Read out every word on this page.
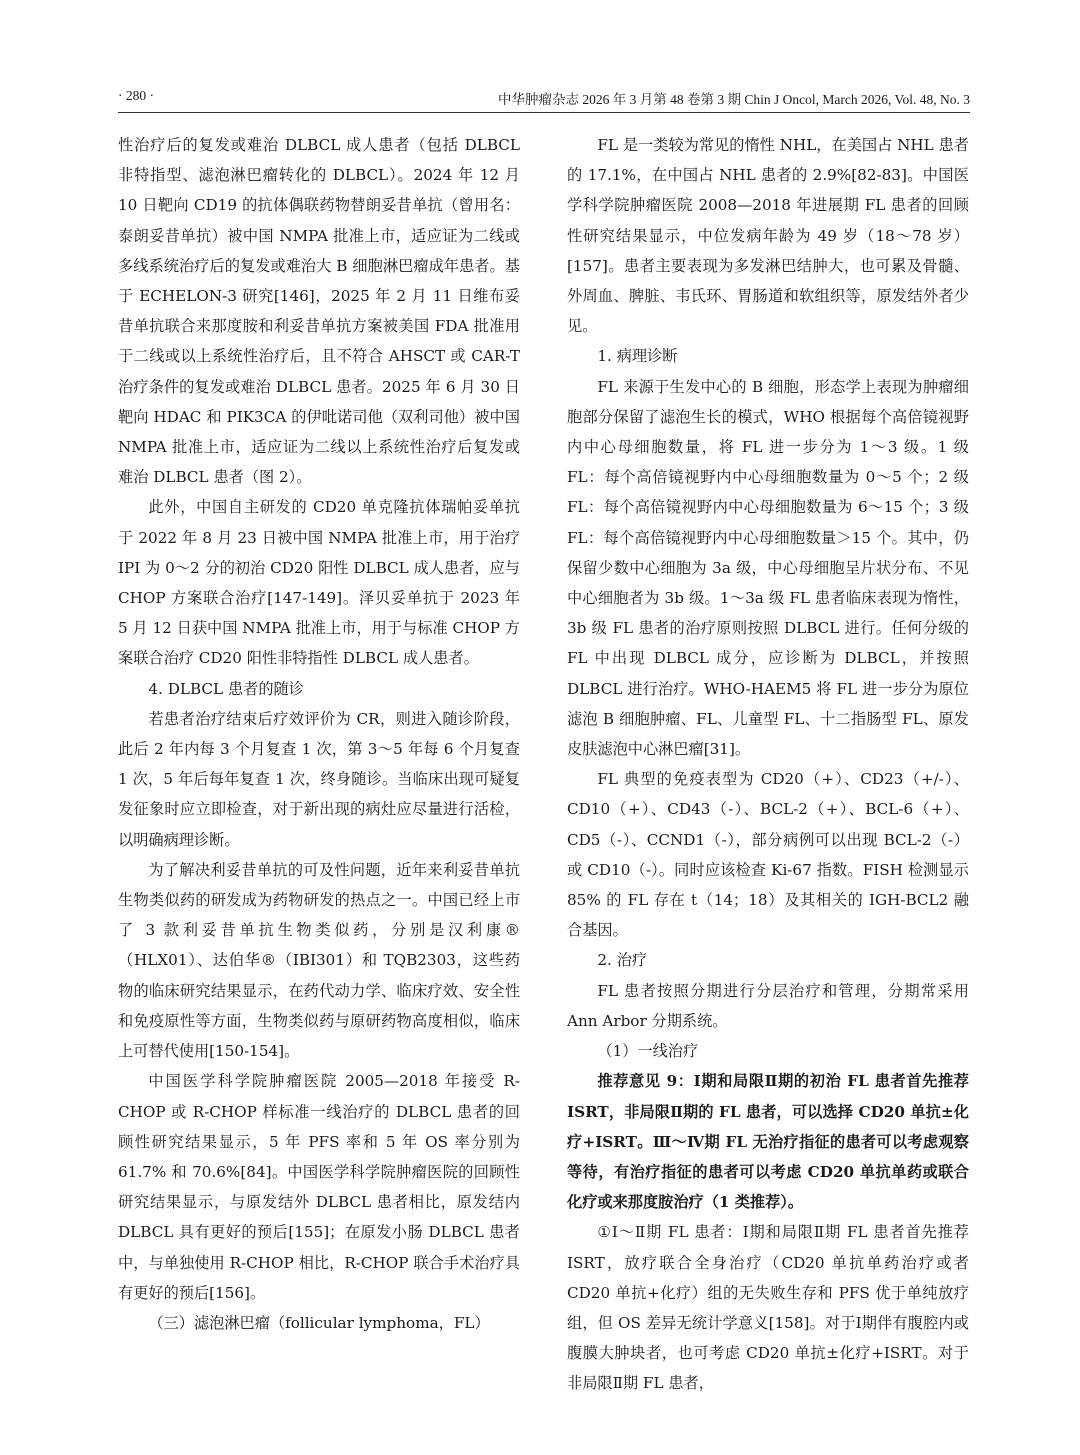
· 280 ·	中华肿瘤杂志 2026 年 3 月第 48 卷第 3 期 Chin J Oncol, March 2026, Vol. 48, No. 3

性治疗后的复发或难治 DLBCL 成人患者（包括 DLBCL 非特指型、滤泡淋巴瘤转化的 DLBCL）。2024 年 12 月 10 日靶向 CD19 的抗体偶联药物替朗妥昔单抗（曾用名：泰朗妥昔单抗）被中国 NMPA 批准上市，适应证为二线或多线系统治疗后的复发或难治大 B 细胞淋巴瘤成年患者。基于 ECHELON-3 研究[146]，2025 年 2 月 11 日维布妥昔单抗联合来那度胺和利妥昔单抗方案被美国 FDA 批准用于二线或以上系统性治疗后，且不符合 AHSCT 或 CAR-T 治疗条件的复发或难治 DLBCL 患者。2025 年 6 月 30 日靶向 HDAC 和 PIK3CA 的伊吡诺司他（双利司他）被中国 NMPA 批准上市，适应证为二线以上系统性治疗后复发或难治 DLBCL 患者（图 2）。

此外，中国自主研发的 CD20 单克隆抗体瑞帕妥单抗于 2022 年 8 月 23 日被中国 NMPA 批准上市，用于治疗 IPI 为 0～2 分的初治 CD20 阳性 DLBCL 成人患者，应与 CHOP 方案联合治疗[147-149]。泽贝妥单抗于 2023 年 5 月 12 日获中国 NMPA 批准上市，用于与标准 CHOP 方案联合治疗 CD20 阳性非特指性 DLBCL 成人患者。

4. DLBCL 患者的随诊

若患者治疗结束后疗效评价为 CR，则进入随诊阶段，此后 2 年内每 3 个月复查 1 次，第 3～5 年每 6 个月复查 1 次，5 年后每年复查 1 次，终身随诊。当临床出现可疑复发征象时应立即检查，对于新出现的病灶应尽量进行活检，以明确病理诊断。

为了解决利妥昔单抗的可及性问题，近年来利妥昔单抗生物类似药的研发成为药物研发的热点之一。中国已经上市了 3 款利妥昔单抗生物类似药，分别是汉利康®（HLX01）、达伯华®（IBI301）和 TQB2303，这些药物的临床研究结果显示，在药代动力学、临床疗效、安全性和免疫原性等方面，生物类似药与原研药物高度相似，临床上可替代使用[150-154]。

中国医学科学院肿瘤医院 2005—2018 年接受 R-CHOP 或 R-CHOP 样标准一线治疗的 DLBCL 患者的回顾性研究结果显示，5 年 PFS 率和 5 年 OS 率分别为 61.7% 和 70.6%[84]。中国医学科学院肿瘤医院的回顾性研究结果显示，与原发结外 DLBCL 患者相比，原发结内 DLBCL 具有更好的预后[155]；在原发小肠 DLBCL 患者中，与单独使用 R-CHOP 相比，R-CHOP 联合手术治疗具有更好的预后[156]。

（三）滤泡淋巴瘤（follicular lymphoma，FL）

FL 是一类较为常见的惰性 NHL，在美国占 NHL 患者的 17.1%，在中国占 NHL 患者的 2.9%[82-83]。中国医学科学院肿瘤医院 2008—2018 年进展期 FL 患者的回顾性研究结果显示，中位发病年龄为 49 岁（18～78 岁）[157]。患者主要表现为多发淋巴结肿大，也可累及骨髓、外周血、脾脏、韦氏环、胃肠道和软组织等，原发结外者少见。

1. 病理诊断

FL 来源于生发中心的 B 细胞，形态学上表现为肿瘤细胞部分保留了滤泡生长的模式，WHO 根据每个高倍镜视野内中心母细胞数量，将 FL 进一步分为 1～3 级。1 级 FL：每个高倍镜视野内中心母细胞数量为 0～5 个；2 级 FL：每个高倍镜视野内中心母细胞数量为 6～15 个；3 级 FL：每个高倍镜视野内中心母细胞数量＞15 个。其中，仍保留少数中心细胞为 3a 级，中心母细胞呈片状分布、不见中心细胞者为 3b 级。1～3a 级 FL 患者临床表现为惰性，3b 级 FL 患者的治疗原则按照 DLBCL 进行。任何分级的 FL 中出现 DLBCL 成分，应诊断为 DLBCL，并按照 DLBCL 进行治疗。WHO-HAEM5 将 FL 进一步分为原位滤泡 B 细胞肿瘤、FL、儿童型 FL、十二指肠型 FL、原发皮肤滤泡中心淋巴瘤[31]。

FL 典型的免疫表型为 CD20（+）、CD23（+/-）、CD10（+）、CD43（-）、BCL-2（+）、BCL-6（+）、CD5（-）、CCND1（-），部分病例可以出现 BCL-2（-）或 CD10（-）。同时应该检查 Ki-67 指数。FISH 检测显示 85% 的 FL 存在 t（14；18）及其相关的 IGH-BCL2 融合基因。

2. 治疗

FL 患者按照分期进行分层治疗和管理，分期常采用 Ann Arbor 分期系统。

（1）一线治疗

推荐意见 9：Ⅰ期和局限Ⅱ期的初治 FL 患者首先推荐 ISRT，非局限Ⅱ期的 FL 患者，可以选择 CD20 单抗±化疗+ISRT。Ⅲ～Ⅳ期 FL 无治疗指征的患者可以考虑观察等待，有治疗指征的患者可以考虑 CD20 单抗单药或联合化疗或来那度胺治疗（1 类推荐）。

①Ⅰ～Ⅱ期 FL 患者：Ⅰ期和局限Ⅱ期 FL 患者首先推荐 ISRT，放疗联合全身治疗（CD20 单抗单药治疗或者 CD20 单抗+化疗）组的无失败生存和 PFS 优于单纯放疗组，但 OS 差异无统计学意义[158]。对于Ⅰ期伴有腹腔内或腹膜大肿块者，也可考虑 CD20 单抗±化疗+ISRT。对于非局限Ⅱ期 FL 患者，
